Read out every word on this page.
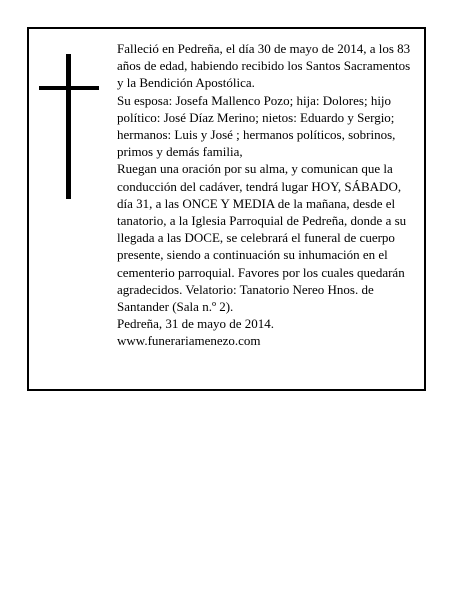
Falleció en Pedreña, el día 30 de mayo de 2014, a los 83 años de edad, habiendo recibido los Santos Sacramentos y la Bendición Apostólica.

Su esposa: Josefa Mallenco Pozo; hija: Dolores; hijo político: José Díaz Merino; nietos: Eduardo y Sergio; hermanos: Luis y José ; hermanos políticos, sobrinos, primos y demás familia,

Ruegan una oración por su alma, y comunican que la conducción del cadáver, tendrá lugar HOY, SÁBADO, día 31, a las ONCE Y MEDIA de la mañana, desde el tanatorio, a la Iglesia Parroquial de Pedreña, donde a su llegada a las DOCE, se celebrará el funeral de cuerpo presente, siendo a continuación su inhumación en el cementerio parroquial. Favores por los cuales quedarán agradecidos. Velatorio: Tanatorio Nereo Hnos. de Santander (Sala n.º 2).

Pedreña, 31 de mayo de 2014.

www.funerariamenezo.com
